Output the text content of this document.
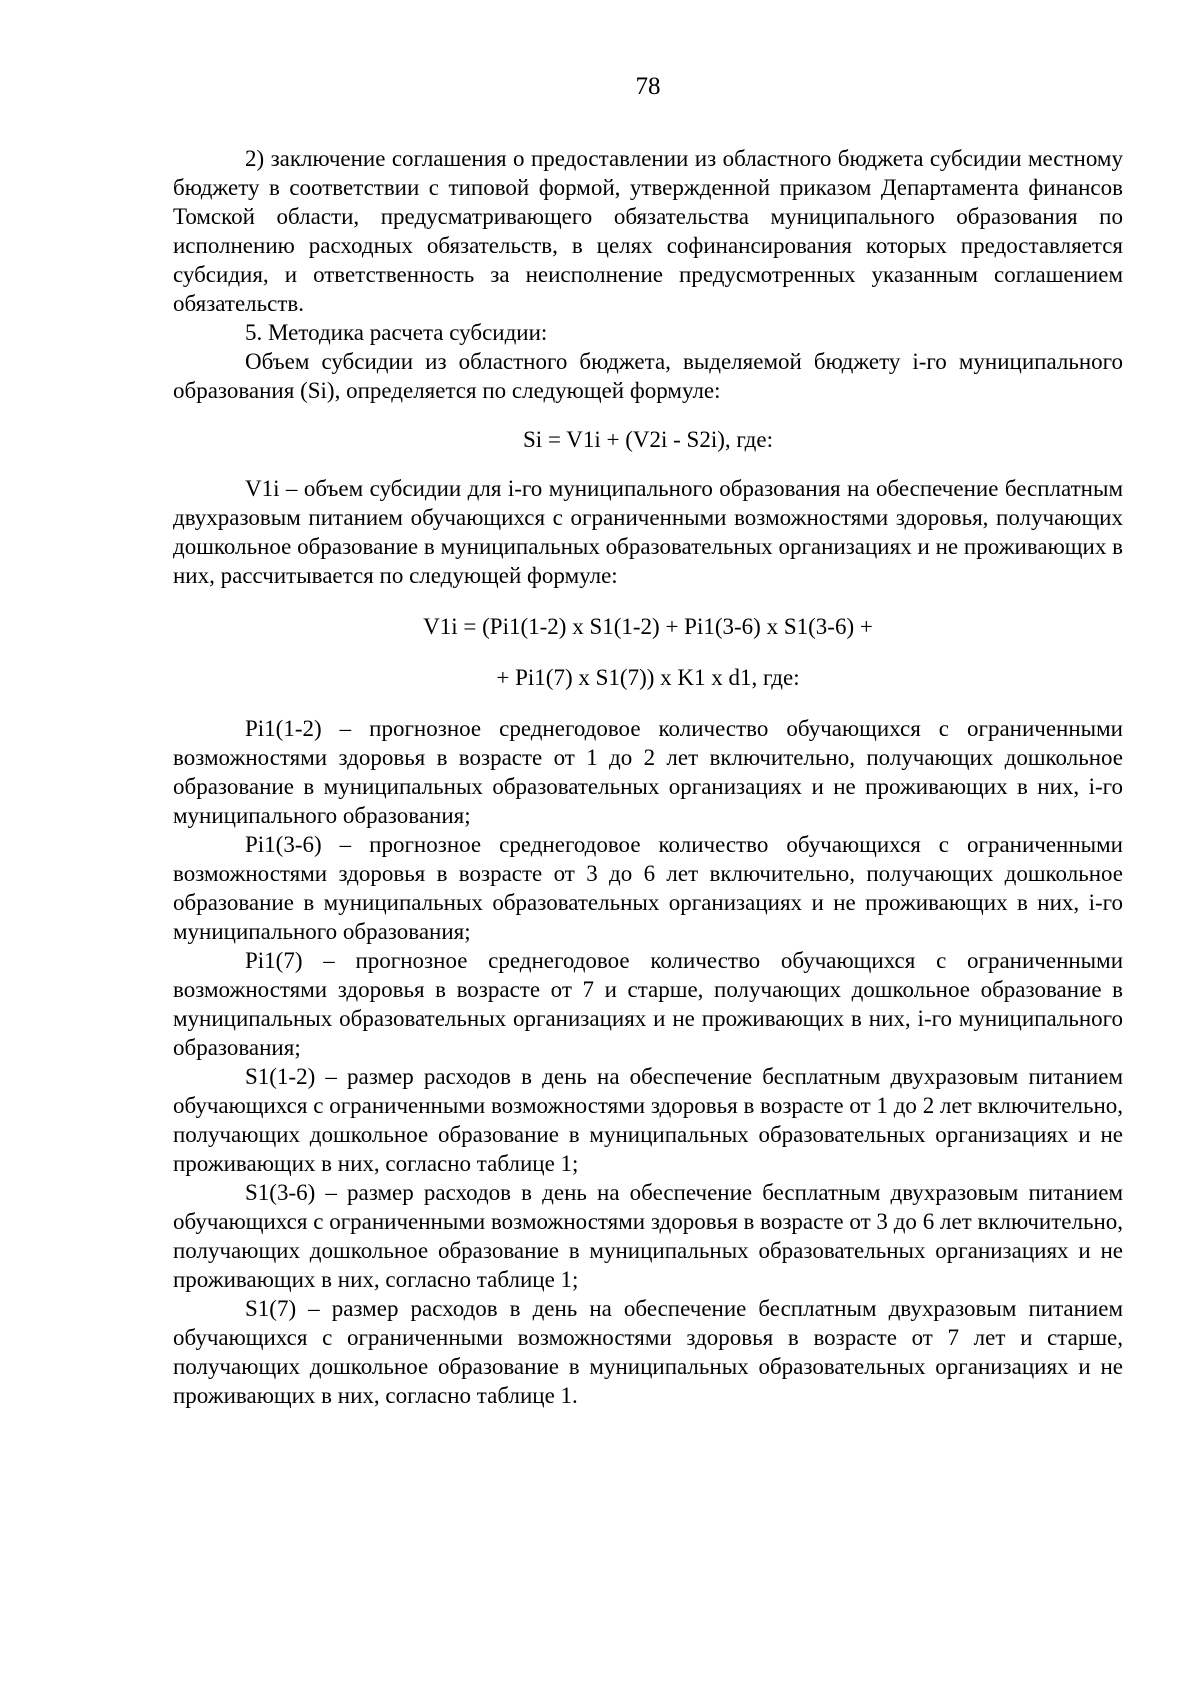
78

2) заключение соглашения о предоставлении из областного бюджета субсидии местному бюджету в соответствии с типовой формой, утвержденной приказом Департамента финансов Томской области, предусматривающего обязательства муниципального образования по исполнению расходных обязательств, в целях софинансирования которых предоставляется субсидия, и ответственность за неисполнение предусмотренных указанным соглашением обязательств.

5. Методика расчета субсидии:

Объем субсидии из областного бюджета, выделяемой бюджету i-го муниципального образования (Si), определяется по следующей формуле:

Si = V1i + (V2i - S2i), где:

V1i – объем субсидии для i-го муниципального образования на обеспечение бесплатным двухразовым питанием обучающихся с ограниченными возможностями здоровья, получающих дошкольное образование в муниципальных образовательных организациях и не проживающих в них, рассчитывается по следующей формуле:

V1i = (Pi1(1-2) x S1(1-2) + Pi1(3-6) x S1(3-6) +

+ Pi1(7) x S1(7)) x K1 x d1, где:

Pi1(1-2) – прогнозное среднегодовое количество обучающихся с ограниченными возможностями здоровья в возрасте от 1 до 2 лет включительно, получающих дошкольное образование в муниципальных образовательных организациях и не проживающих в них, i-го муниципального образования;

Pi1(3-6) – прогнозное среднегодовое количество обучающихся с ограниченными возможностями здоровья в возрасте от 3 до 6 лет включительно, получающих дошкольное образование в муниципальных образовательных организациях и не проживающих в них, i-го муниципального образования;

Pi1(7) – прогнозное среднегодовое количество обучающихся с ограниченными возможностями здоровья в возрасте от 7 и старше, получающих дошкольное образование в муниципальных образовательных организациях и не проживающих в них, i-го муниципального образования;

S1(1-2) – размер расходов в день на обеспечение бесплатным двухразовым питанием обучающихся с ограниченными возможностями здоровья в возрасте от 1 до 2 лет включительно, получающих дошкольное образование в муниципальных образовательных организациях и не проживающих в них, согласно таблице 1;

S1(3-6) – размер расходов в день на обеспечение бесплатным двухразовым питанием обучающихся с ограниченными возможностями здоровья в возрасте от 3 до 6 лет включительно, получающих дошкольное образование в муниципальных образовательных организациях и не проживающих в них, согласно таблице 1;

S1(7) – размер расходов в день на обеспечение бесплатным двухразовым питанием обучающихся с ограниченными возможностями здоровья в возрасте от 7 лет и старше, получающих дошкольное образование в муниципальных образовательных организациях и не проживающих в них, согласно таблице 1.
